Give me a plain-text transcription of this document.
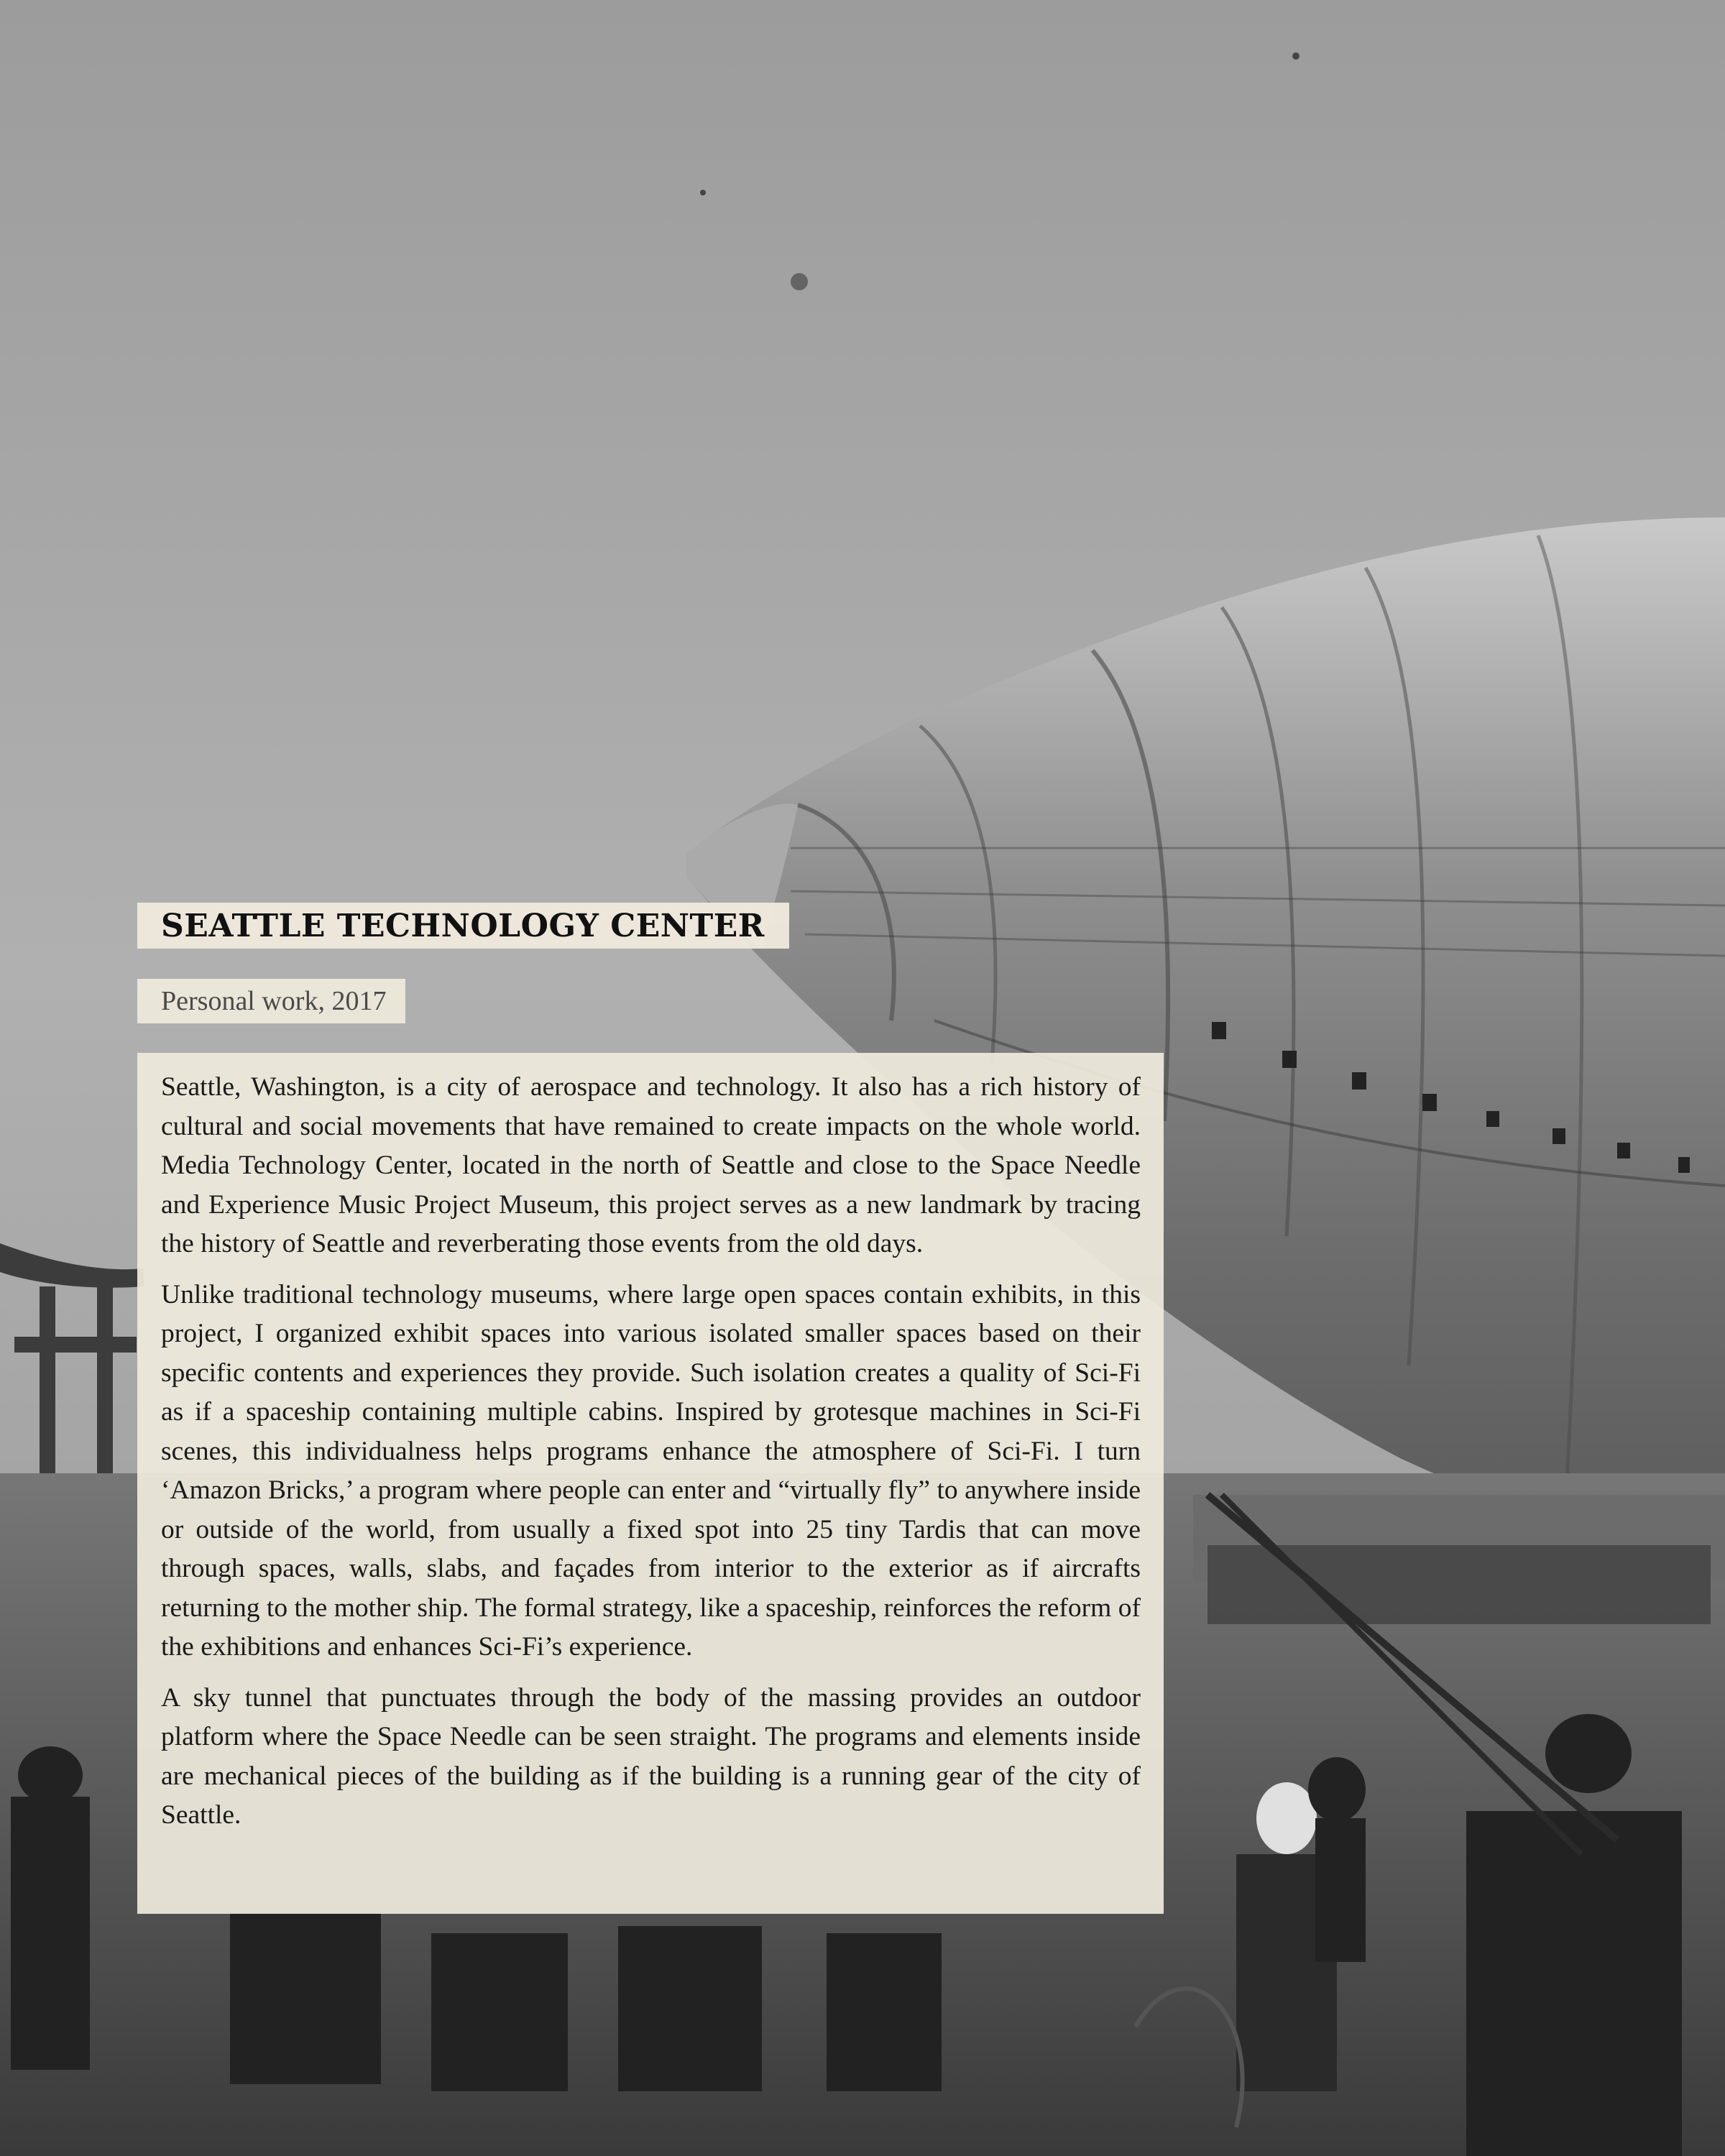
SEATTLE TECHNOLOGY CENTER
Personal work, 2017

Seattle, Washington, is a city of aerospace and technology. It also has a rich history of cultural and social movements that have remained to create impacts on the whole world. Media Technology Center, located in the north of Seattle and close to the Space Needle and Experience Music Project Museum, this project serves as a new landmark by tracing the history of Seattle and reverberating those events from the old days.

Unlike traditional technology museums, where large open spaces contain exhibits, in this project, I organized exhibit spaces into various isolated smaller spaces based on their specific contents and experiences they provide. Such isolation creates a quality of Sci-Fi as if a spaceship containing multiple cabins. Inspired by grotesque machines in Sci-Fi scenes, this individualness helps programs enhance the atmosphere of Sci-Fi. I turn ‘Amazon Bricks,’ a program where people can enter and “virtually fly” to anywhere inside or outside of the world, from usually a fixed spot into 25 tiny Tardis that can move through spaces, walls, slabs, and façades from interior to the exterior as if aircrafts returning to the mother ship. The formal strategy, like a spaceship, reinforces the reform of the exhibitions and enhances Sci-Fi’s experience.

A sky tunnel that punctuates through the body of the massing provides an outdoor platform where the Space Needle can be seen straight. The programs and elements inside are mechanical pieces of the building as if the building is a running gear of the city of Seattle.
